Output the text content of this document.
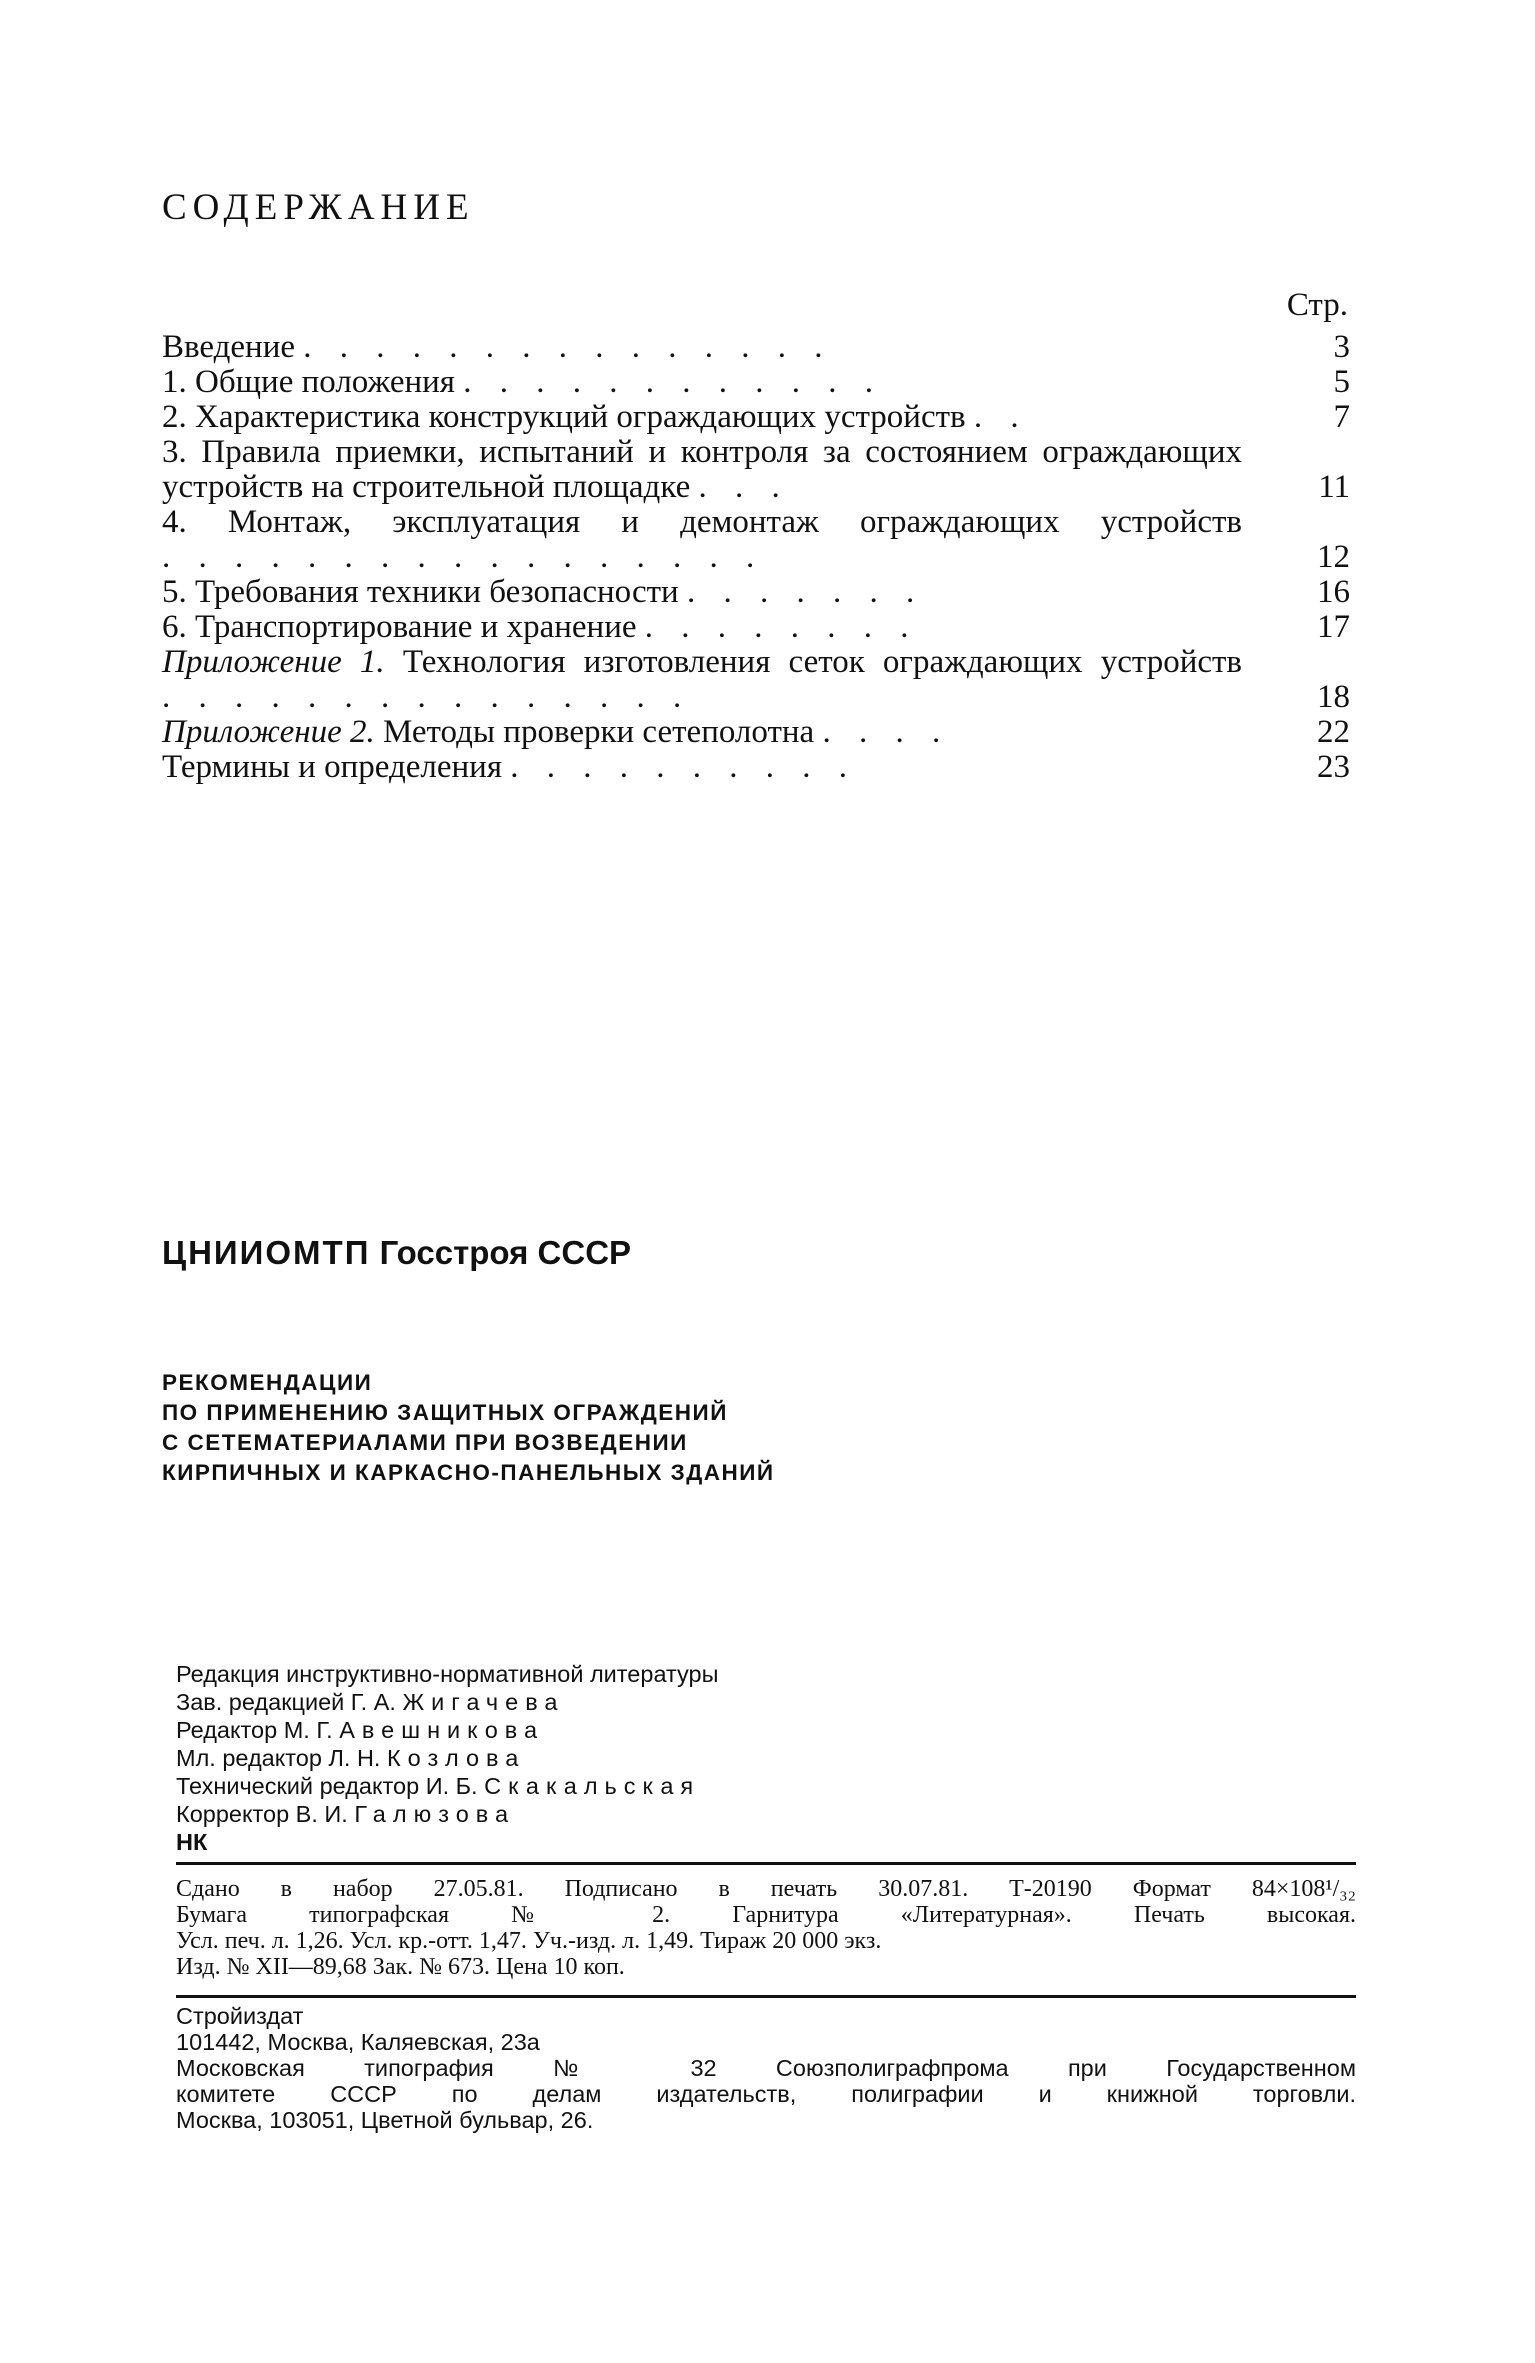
СОДЕРЖАНИЕ
Стр.
Введение . . . . . . . . . . . . . . .	3
1. Общие положения . . . . . . . . . . . .	5
2. Характеристика конструкций ограждающих устройств . .	7
3. Правила приемки, испытаний и контроля за состоянием ограждающих устройств на строительной площадке . . .	11
4. Монтаж, эксплуатация и демонтаж ограждающих устройств . . . . . . . . . . . . . . . . .	12
5. Требования техники безопасности . . . . . . .	16
6. Транспортирование и хранение . . . . . . . .	17
Приложение 1. Технология изготовления сеток ограждающих устройств . . . . . . . . . . . . . . .	18
Приложение 2. Методы проверки сетеполотна . . . .	22
Термины и определения . . . . . . . . . .	23
ЦНИИОМТП Госстроя СССР
РЕКОМЕНДАЦИИ
ПО ПРИМЕНЕНИЮ ЗАЩИТНЫХ ОГРАЖДЕНИЙ
С СЕТЕМАТЕРИАЛАМИ ПРИ ВОЗВЕДЕНИИ
КИРПИЧНЫХ И КАРКАСНО-ПАНЕЛЬНЫХ ЗДАНИЙ
Редакция инструктивно-нормативной литературы
Зав. редакцией Г. А. Жигачева
Редактор М. Г. Авешникова
Мл. редактор Л. Н. Козлова
Технический редактор И. Б. Скакальская
Корректор В. И. Галюзова
НК
Сдано в набор 27.05.81. Подписано в печать 30.07.81. Т-20190 Формат 84×108¹/₃₂
Бумага типографская № 2. Гарнитура «Литературная». Печать высокая.
Усл. печ. л. 1,26. Усл. кр.-отт. 1,47. Уч.-изд. л. 1,49. Тираж 20 000 экз.
Изд. № XII—89,68 Зак. № 673. Цена 10 коп.
Стройиздат
101442, Москва, Каляевская, 23а
Московская типография № 32 Союзполиграфпрома при Государственном
комитете СССР по делам издательств, полиграфии и книжной торговли.
Москва, 103051, Цветной бульвар, 26.
